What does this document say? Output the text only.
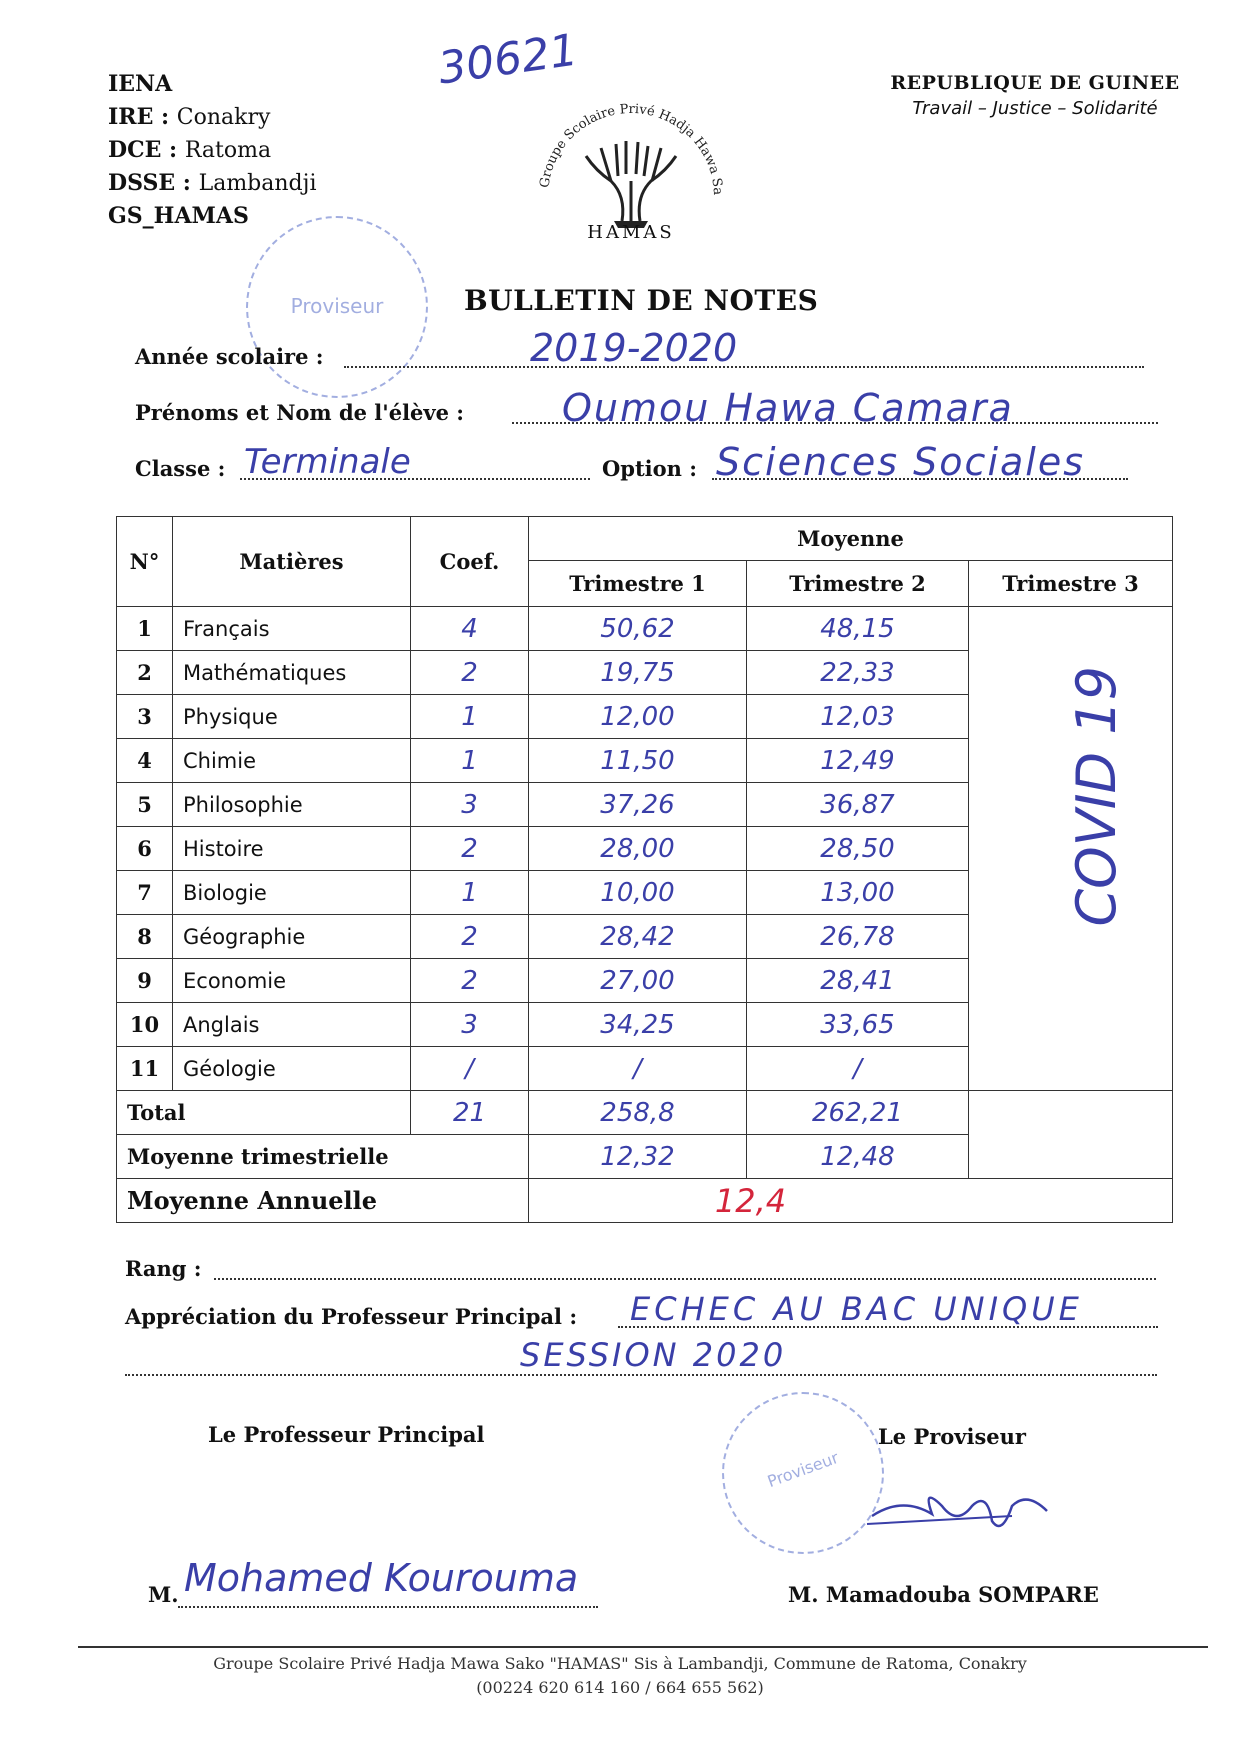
30621
IENA
IRE : Conakry
DCE : Ratoma
DSSE : Lambandji
GS_HAMAS
REPUBLIQUE DE GUINEE
Travail – Justice – Solidarité
Groupe Scolaire Privé Hadja Hawa Sa
HAMAS
Proviseur	BULLETIN DE NOTES
Année scolaire :	2019-2020
Prénoms et Nom de l'élève :	Oumou Hawa Camara
Classe : Terminale	Option : Sciences Sociales
N°	Matières	Coef.	Moyenne		
			Trimestre 1	Trimestre 2	Trimestre 3
1	Français	4	50,62	48,15	
2	Mathématiques	2	19,75	22,33	
3	Physique	1	12,00	12,03	
4	Chimie	1	11,50	12,49	
5	Philosophie	3	37,26	36,87	
6	Histoire	2	28,00	28,50	
7	Biologie	1	10,00	13,00	
8	Géographie	2	28,42	26,78	
9	Economie	2	27,00	28,41	
10	Anglais	3	34,25	33,65	
11	Géologie	/	/	/	
Total		21	258,8	262,21	
Moyenne trimestrielle			12,32	12,48	
Moyenne Annuelle			12,4		
COVID 19
Rang :
Appréciation du Professeur Principal : ECHEC AU BAC UNIQUE
SESSION 2020
Le Professeur Principal	Le Proviseur
Proviseur
M. Mohamed Kourouma	M. Mamadouba SOMPARE
Groupe Scolaire Privé Hadja Mawa Sako "HAMAS" Sis à Lambandji, Commune de Ratoma, Conakry
(00224 620 614 160 / 664 655 562)
